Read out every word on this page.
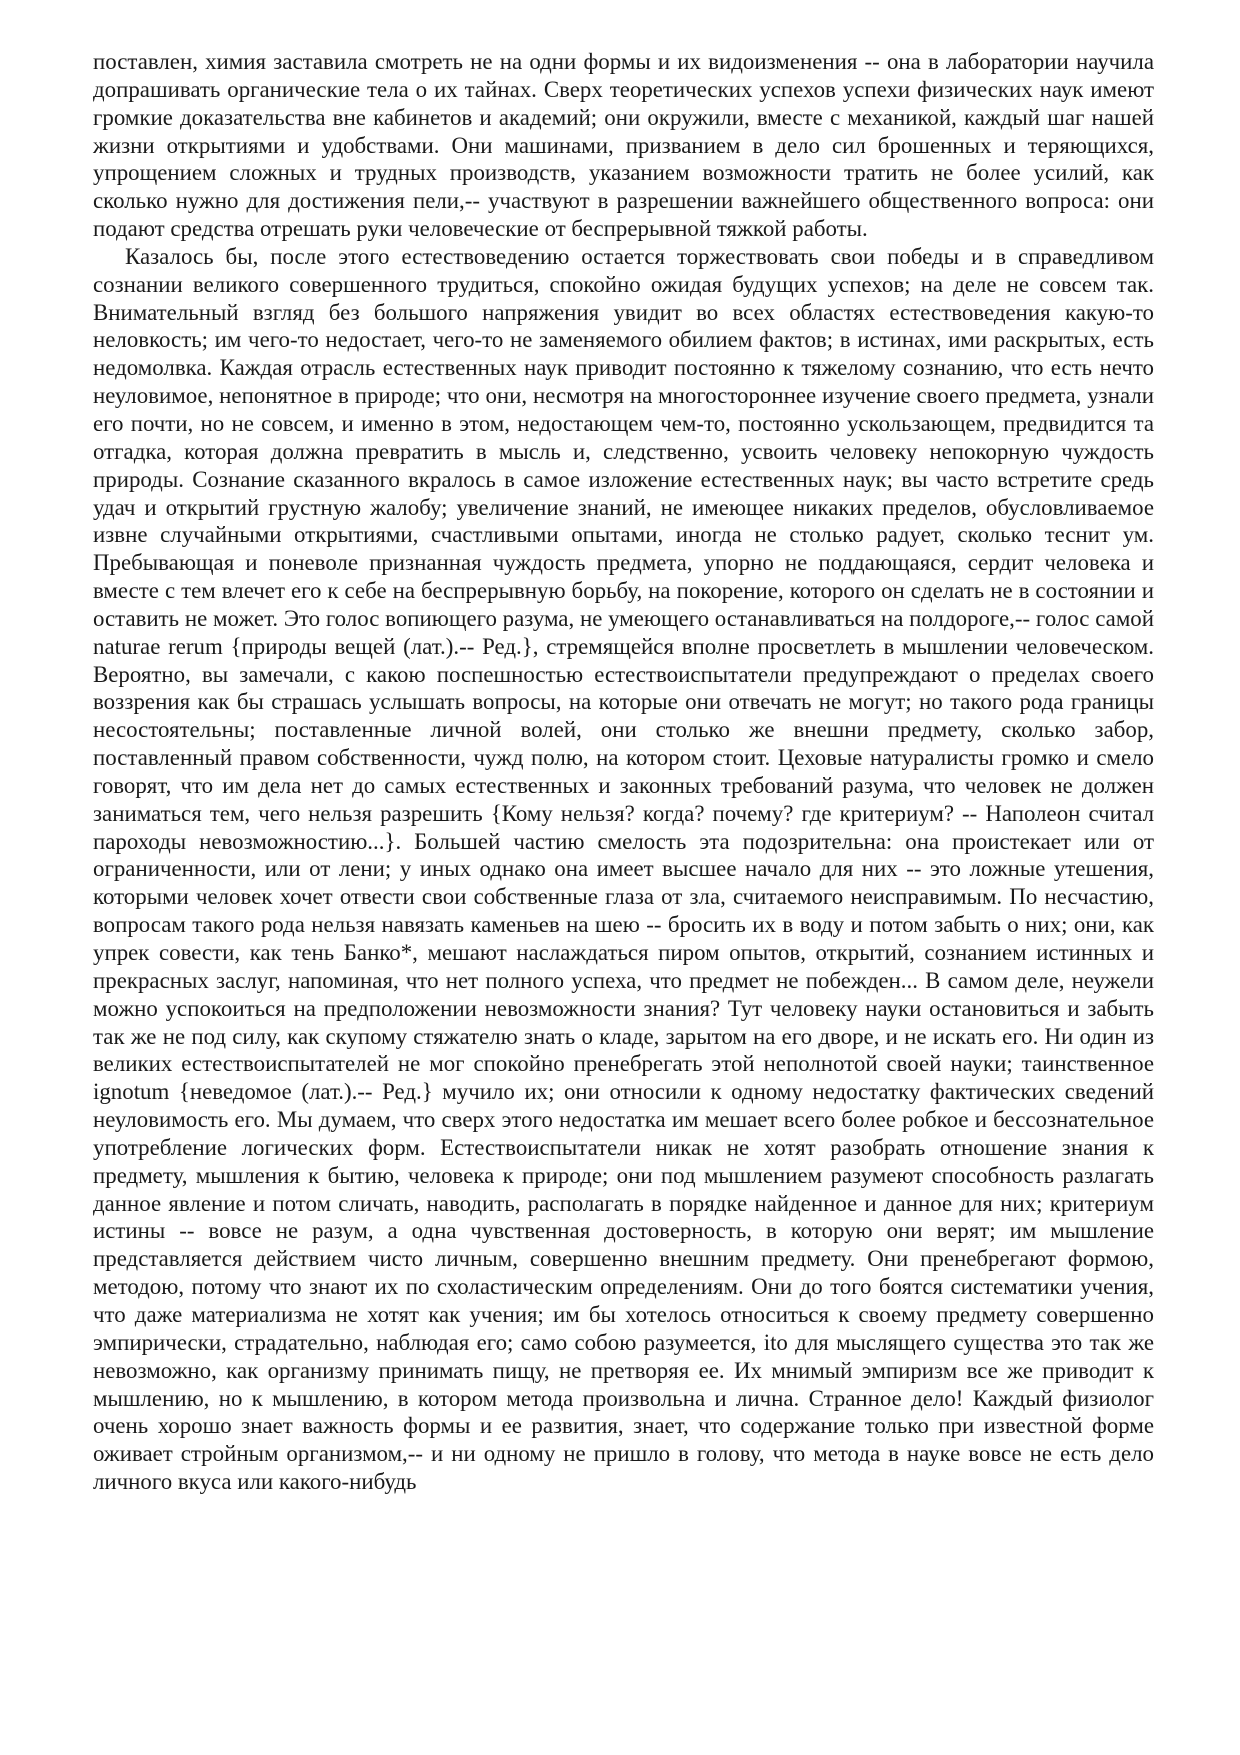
поставлен, химия заставила смотреть не на одни формы и их видоизменения -- она в лаборатории научила допрашивать органические тела о их тайнах. Сверх теоретических успехов успехи физических наук имеют громкие доказательства вне кабинетов и академий; они окружили, вместе с механикой, каждый шаг нашей жизни открытиями и удобствами. Они машинами, призванием в дело сил брошенных и теряющихся, упрощением сложных и трудных производств, указанием возможности тратить не более усилий, как сколько нужно для достижения пели,-- участвуют в разрешении важнейшего общественного вопроса: они подают средства отрешать руки человеческие от беспрерывной тяжкой работы.

Казалось бы, после этого естествоведению остается торжествовать свои победы и в справедливом сознании великого совершенного трудиться, спокойно ожидая будущих успехов; на деле не совсем так. Внимательный взгляд без большого напряжения увидит во всех областях естествоведения какую-то неловкость; им чего-то недостает, чего-то не заменяемого обилием фактов; в истинах, ими раскрытых, есть недомолвка. Каждая отрасль естественных наук приводит постоянно к тяжелому сознанию, что есть нечто неуловимое, непонятное в природе; что они, несмотря на многостороннее изучение своего предмета, узнали его почти, но не совсем, и именно в этом, недостающем чем-то, постоянно ускользающем, предвидится та отгадка, которая должна превратить в мысль и, следственно, усвоить человеку непокорную чуждость природы. Сознание сказанного вкралось в самое изложение естественных наук; вы часто встретите средь удач и открытий грустную жалобу; увеличение знаний, не имеющее никаких пределов, обусловливаемое извне случайными открытиями, счастливыми опытами, иногда не столько радует, сколько теснит ум. Пребывающая и поневоле признанная чуждость предмета, упорно не поддающаяся, сердит человека и вместе с тем влечет его к себе на беспрерывную борьбу, на покорение, которого он сделать не в состоянии и оставить не может. Это голос вопиющего разума, не умеющего останавливаться на полдороге,-- голос самой naturae rerum {природы вещей (лат.).-- Ред.}, стремящейся вполне просветлеть в мышлении человеческом. Вероятно, вы замечали, с какою поспешностью естествоиспытатели предупреждают о пределах своего воззрения как бы страшась услышать вопросы, на которые они отвечать не могут; но такого рода границы несостоятельны; поставленные личной волей, они столько же внешни предмету, сколько забор, поставленный правом собственности, чужд полю, на котором стоит. Цеховые натуралисты громко и смело говорят, что им дела нет до самых естественных и законных требований разума, что человек не должен заниматься тем, чего нельзя разрешить {Кому нельзя? когда? почему? где критериум? -- Наполеон считал пароходы невозможностию...}. Большей частию смелость эта подозрительна: она проистекает или от ограниченности, или от лени; у иных однако она имеет высшее начало для них -- это ложные утешения, которыми человек хочет отвести свои собственные глаза от зла, считаемого неисправимым. По несчастию, вопросам такого рода нельзя навязать каменьев на шею -- бросить их в воду и потом забыть о них; они, как упрек совести, как тень Банко*, мешают наслаждаться пиром опытов, открытий, сознанием истинных и прекрасных заслуг, напоминая, что нет полного успеха, что предмет не побежден... В самом деле, неужели можно успокоиться на предположении невозможности знания? Тут человеку науки остановиться и забыть так же не под силу, как скупому стяжателю знать о кладе, зарытом на его дворе, и не искать его. Ни один из великих естествоиспытателей не мог спокойно пренебрегать этой неполнотой своей науки; таинственное ignotum {неведомое (лат.).-- Ред.} мучило их; они относили к одному недостатку фактических сведений неуловимость его. Мы думаем, что сверх этого недостатка им мешает всего более робкое и бессознательное употребление логических форм. Естествоиспытатели никак не хотят разобрать отношение знания к предмету, мышления к бытию, человека к природе; они под мышлением разумеют способность разлагать данное явление и потом сличать, наводить, располагать в порядке найденное и данное для них; критериум истины -- вовсе не разум, а одна чувственная достоверность, в которую они верят; им мышление представляется действием чисто личным, совершенно внешним предмету. Они пренебрегают формою, методою, потому что знают их по схоластическим определениям. Они до того боятся систематики учения, что даже материализма не хотят как учения; им бы хотелось относиться к своему предмету совершенно эмпирически, страдательно, наблюдая его; само собою разумеется, ito для мыслящего существа это так же невозможно, как организму принимать пищу, не претворяя ее. Их мнимый эмпиризм все же приводит к мышлению, но к мышлению, в котором метода произвольна и лична. Странное дело! Каждый физиолог очень хорошо знает важность формы и ее развития, знает, что содержание только при известной форме оживает стройным организмом,-- и ни одному не пришло в голову, что метода в науке вовсе не есть дело личного вкуса или какого-нибудь
